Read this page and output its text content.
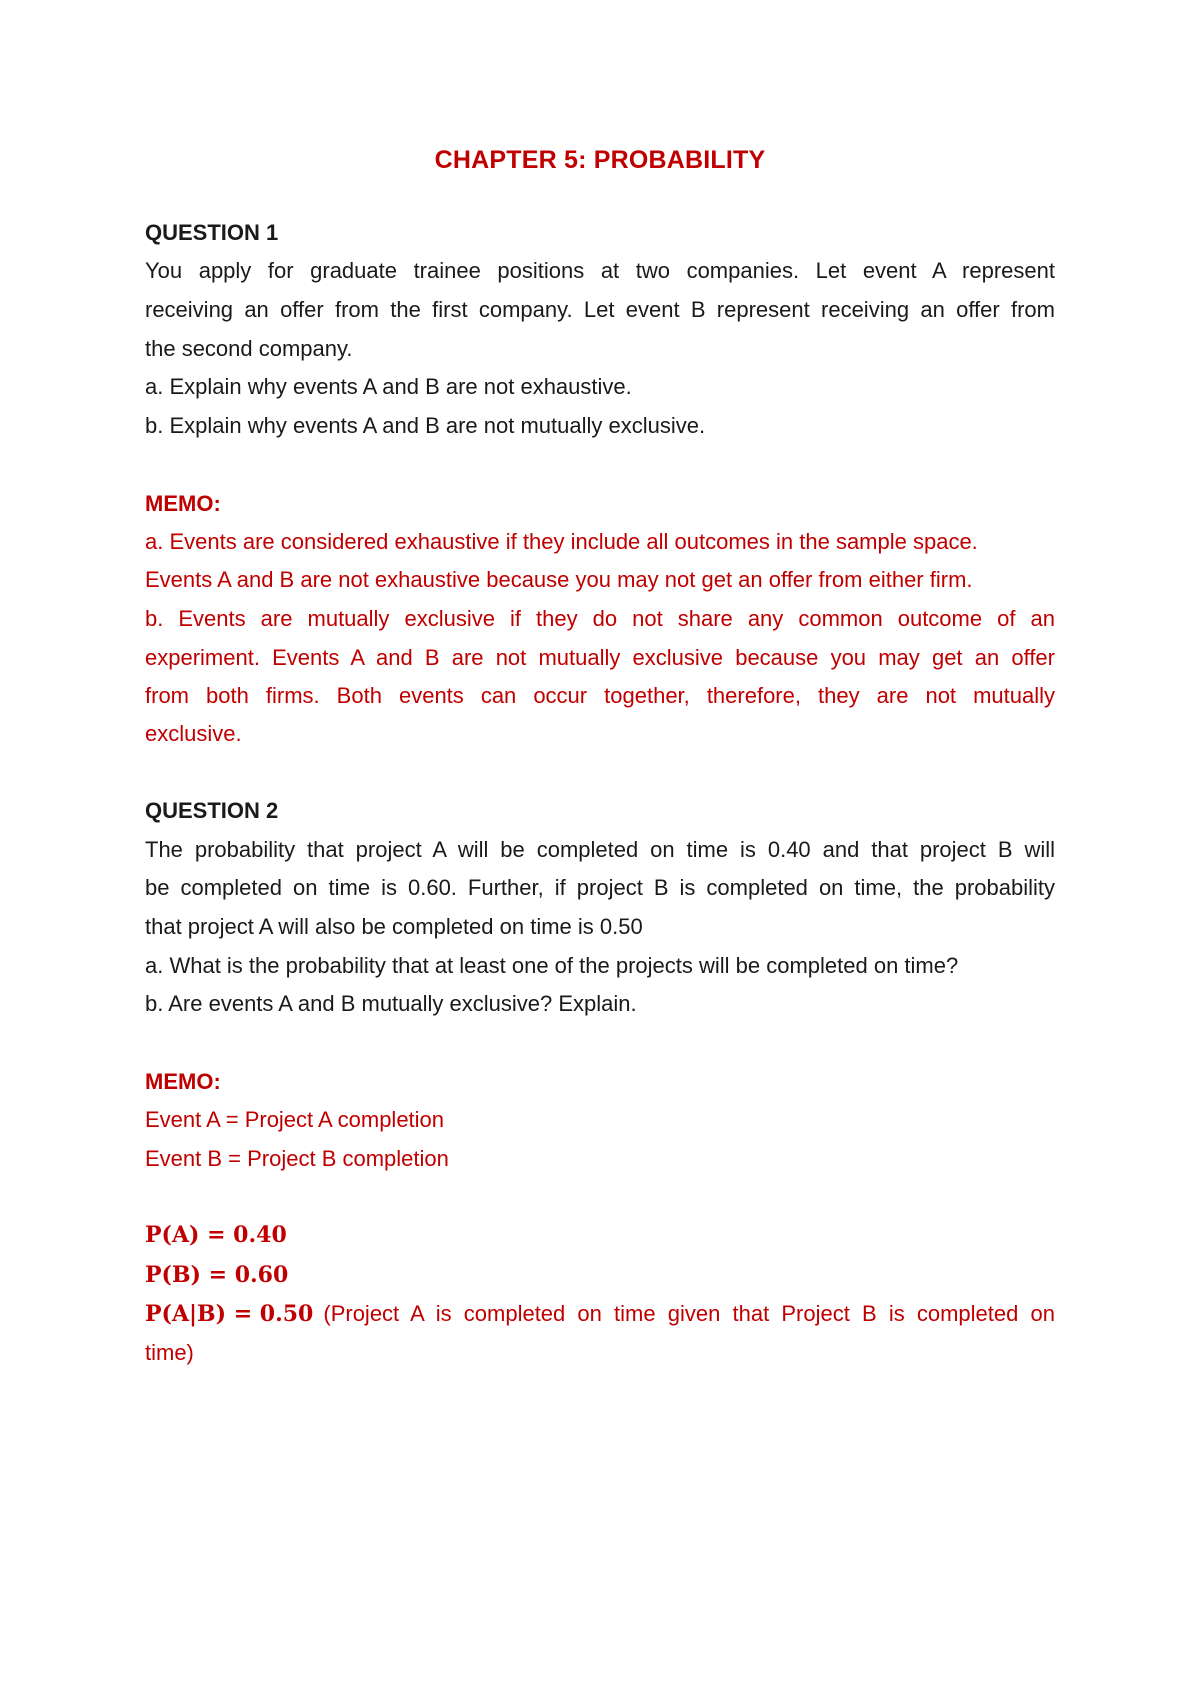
CHAPTER 5: PROBABILITY
QUESTION 1
You apply for graduate trainee positions at two companies. Let event A represent
receiving an offer from the first company. Let event B represent receiving an offer from
the second company.
a. Explain why events A and B are not exhaustive.
b. Explain why events A and B are not mutually exclusive.
MEMO:
a. Events are considered exhaustive if they include all outcomes in the sample space.
Events A and B are not exhaustive because you may not get an offer from either firm.
b. Events are mutually exclusive if they do not share any common outcome of an
experiment. Events A and B are not mutually exclusive because you may get an offer
from both firms. Both events can occur together, therefore, they are not mutually
exclusive.
QUESTION 2
The probability that project A will be completed on time is 0.40 and that project B will
be completed on time is 0.60. Further, if project B is completed on time, the probability
that project A will also be completed on time is 0.50
a. What is the probability that at least one of the projects will be completed on time?
b. Are events A and B mutually exclusive? Explain.
MEMO:
Event A = Project A completion
Event B = Project B completion
P(A) = 0.40
P(B) = 0.60
P(A|B) = 0.50 (Project A is completed on time given that Project B is completed on
time)
